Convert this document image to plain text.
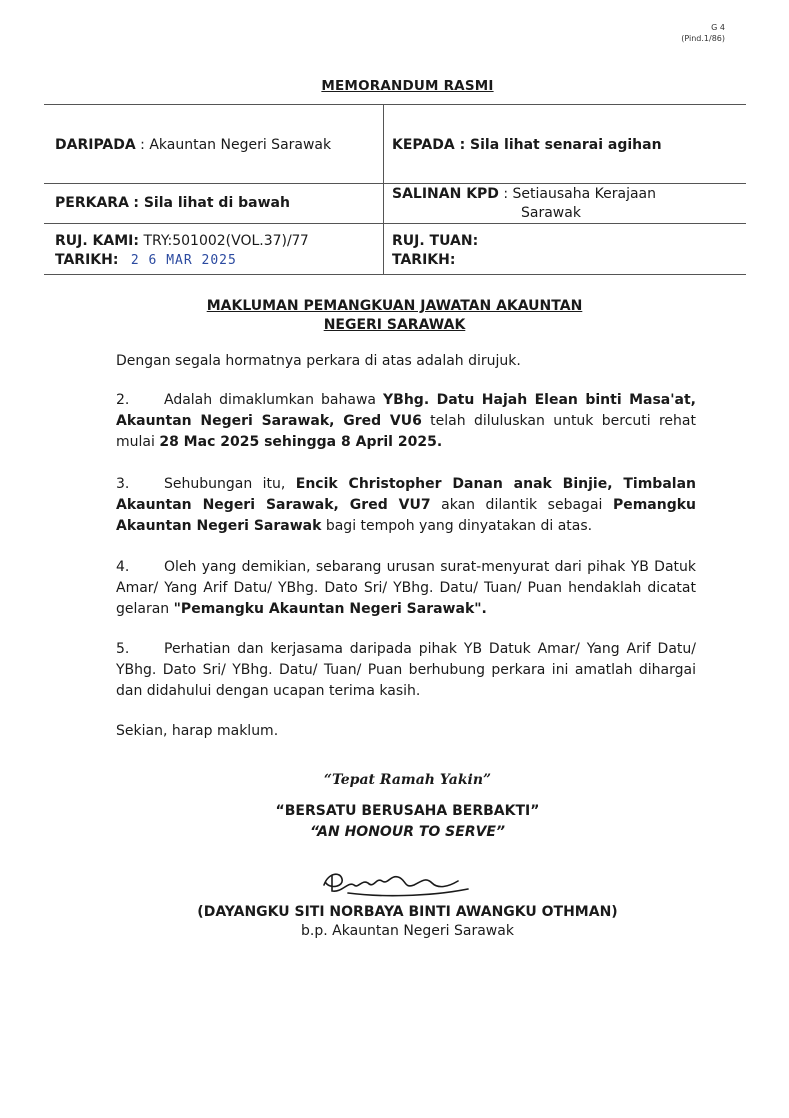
G 4
(Pind.1/86)
MEMORANDUM RASMI
DARIPADA : Akauntan Negeri Sarawak	KEPADA : Sila lihat senarai agihan
PERKARA : Sila lihat di bawah
SALINAN KPD : Setiausaha Kerajaan
Sarawak
RUJ. KAMI: TRY:501002(VOL.37)/77
TARIKH: 2 6 MAR 2025
RUJ. TUAN:
TARIKH:
MAKLUMAN PEMANGKUAN JAWATAN AKAUNTAN
NEGERI SARAWAK
Dengan segala hormatnya perkara di atas adalah dirujuk.
2. Adalah dimaklumkan bahawa YBhg. Datu Hajah Elean binti Masa'at, Akauntan Negeri Sarawak, Gred VU6 telah diluluskan untuk bercuti rehat mulai 28 Mac 2025 sehingga 8 April 2025.
3. Sehubungan itu, Encik Christopher Danan anak Binjie, Timbalan Akauntan Negeri Sarawak, Gred VU7 akan dilantik sebagai Pemangku Akauntan Negeri Sarawak bagi tempoh yang dinyatakan di atas.
4. Oleh yang demikian, sebarang urusan surat-menyurat dari pihak YB Datuk Amar/ Yang Arif Datu/ YBhg. Dato Sri/ YBhg. Datu/ Tuan/ Puan hendaklah dicatat gelaran "Pemangku Akauntan Negeri Sarawak".
5. Perhatian dan kerjasama daripada pihak YB Datuk Amar/ Yang Arif Datu/ YBhg. Dato Sri/ YBhg. Datu/ Tuan/ Puan berhubung perkara ini amatlah dihargai dan didahului dengan ucapan terima kasih.
Sekian, harap maklum.
“Tepat Ramah Yakin”
“BERSATU BERUSAHA BERBAKTI”
“AN HONOUR TO SERVE”
(DAYANGKU SITI NORBAYA BINTI AWANGKU OTHMAN)
b.p. Akauntan Negeri Sarawak
